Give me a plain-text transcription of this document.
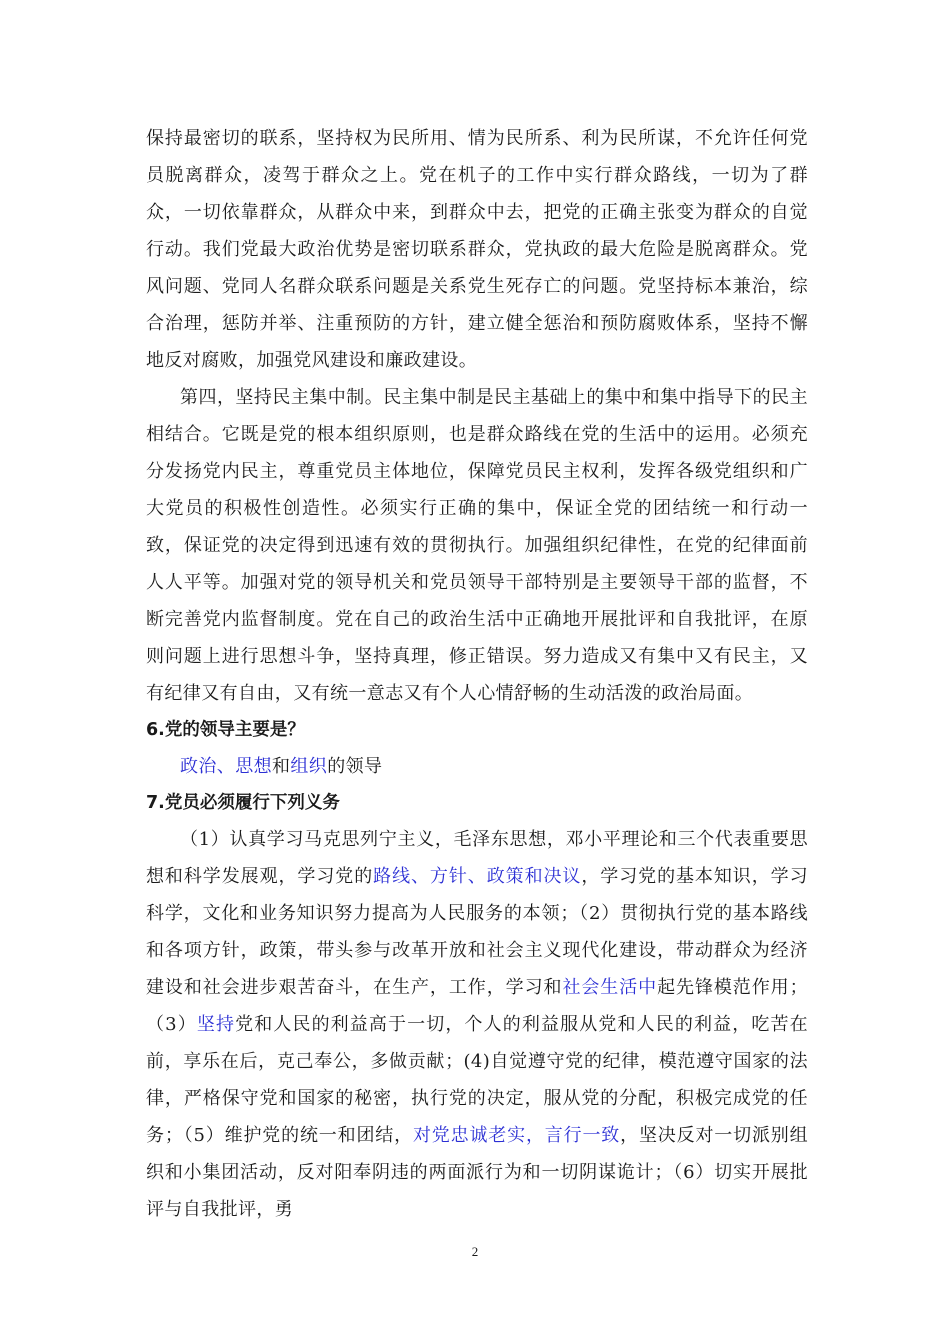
保持最密切的联系，坚持权为民所用、情为民所系、利为民所谋，不允许任何党员脱离群众，凌驾于群众之上。党在机子的工作中实行群众路线，一切为了群众，一切依靠群众，从群众中来，到群众中去，把党的正确主张变为群众的自觉行动。我们党最大政治优势是密切联系群众，党执政的最大危险是脱离群众。党风问题、党同人名群众联系问题是关系党生死存亡的问题。党坚持标本兼治，综合治理，惩防并举、注重预防的方针，建立健全惩治和预防腐败体系，坚持不懈地反对腐败，加强党风建设和廉政建设。

第四，坚持民主集中制。民主集中制是民主基础上的集中和集中指导下的民主相结合。它既是党的根本组织原则，也是群众路线在党的生活中的运用。必须充分发扬党内民主，尊重党员主体地位，保障党员民主权利，发挥各级党组织和广大党员的积极性创造性。必须实行正确的集中，保证全党的团结统一和行动一致，保证党的决定得到迅速有效的贯彻执行。加强组织纪律性，在党的纪律面前人人平等。加强对党的领导机关和党员领导干部特别是主要领导干部的监督，不断完善党内监督制度。党在自己的政治生活中正确地开展批评和自我批评，在原则问题上进行思想斗争，坚持真理，修正错误。努力造成又有集中又有民主，又有纪律又有自由，又有统一意志又有个人心情舒畅的生动活泼的政治局面。

6.党的领导主要是？

政治、思想和组织的领导

7.党员必须履行下列义务

（1）认真学习马克思列宁主义，毛泽东思想，邓小平理论和三个代表重要思想和科学发展观，学习党的路线、方针、政策和决议，学习党的基本知识，学习科学，文化和业务知识努力提高为人民服务的本领；（2）贯彻执行党的基本路线和各项方针，政策，带头参与改革开放和社会主义现代化建设，带动群众为经济建设和社会进步艰苦奋斗，在生产，工作，学习和社会生活中起先锋模范作用；（3）坚持党和人民的利益高于一切，个人的利益服从党和人民的利益，吃苦在前，享乐在后，克己奉公，多做贡献；(4)自觉遵守党的纪律，模范遵守国家的法律，严格保守党和国家的秘密，执行党的决定，服从党的分配，积极完成党的任务；（5）维护党的统一和团结，对党忠诚老实，言行一致，坚决反对一切派别组织和小集团活动，反对阳奉阴违的两面派行为和一切阴谋诡计；（6）切实开展批评与自我批评，勇

2
